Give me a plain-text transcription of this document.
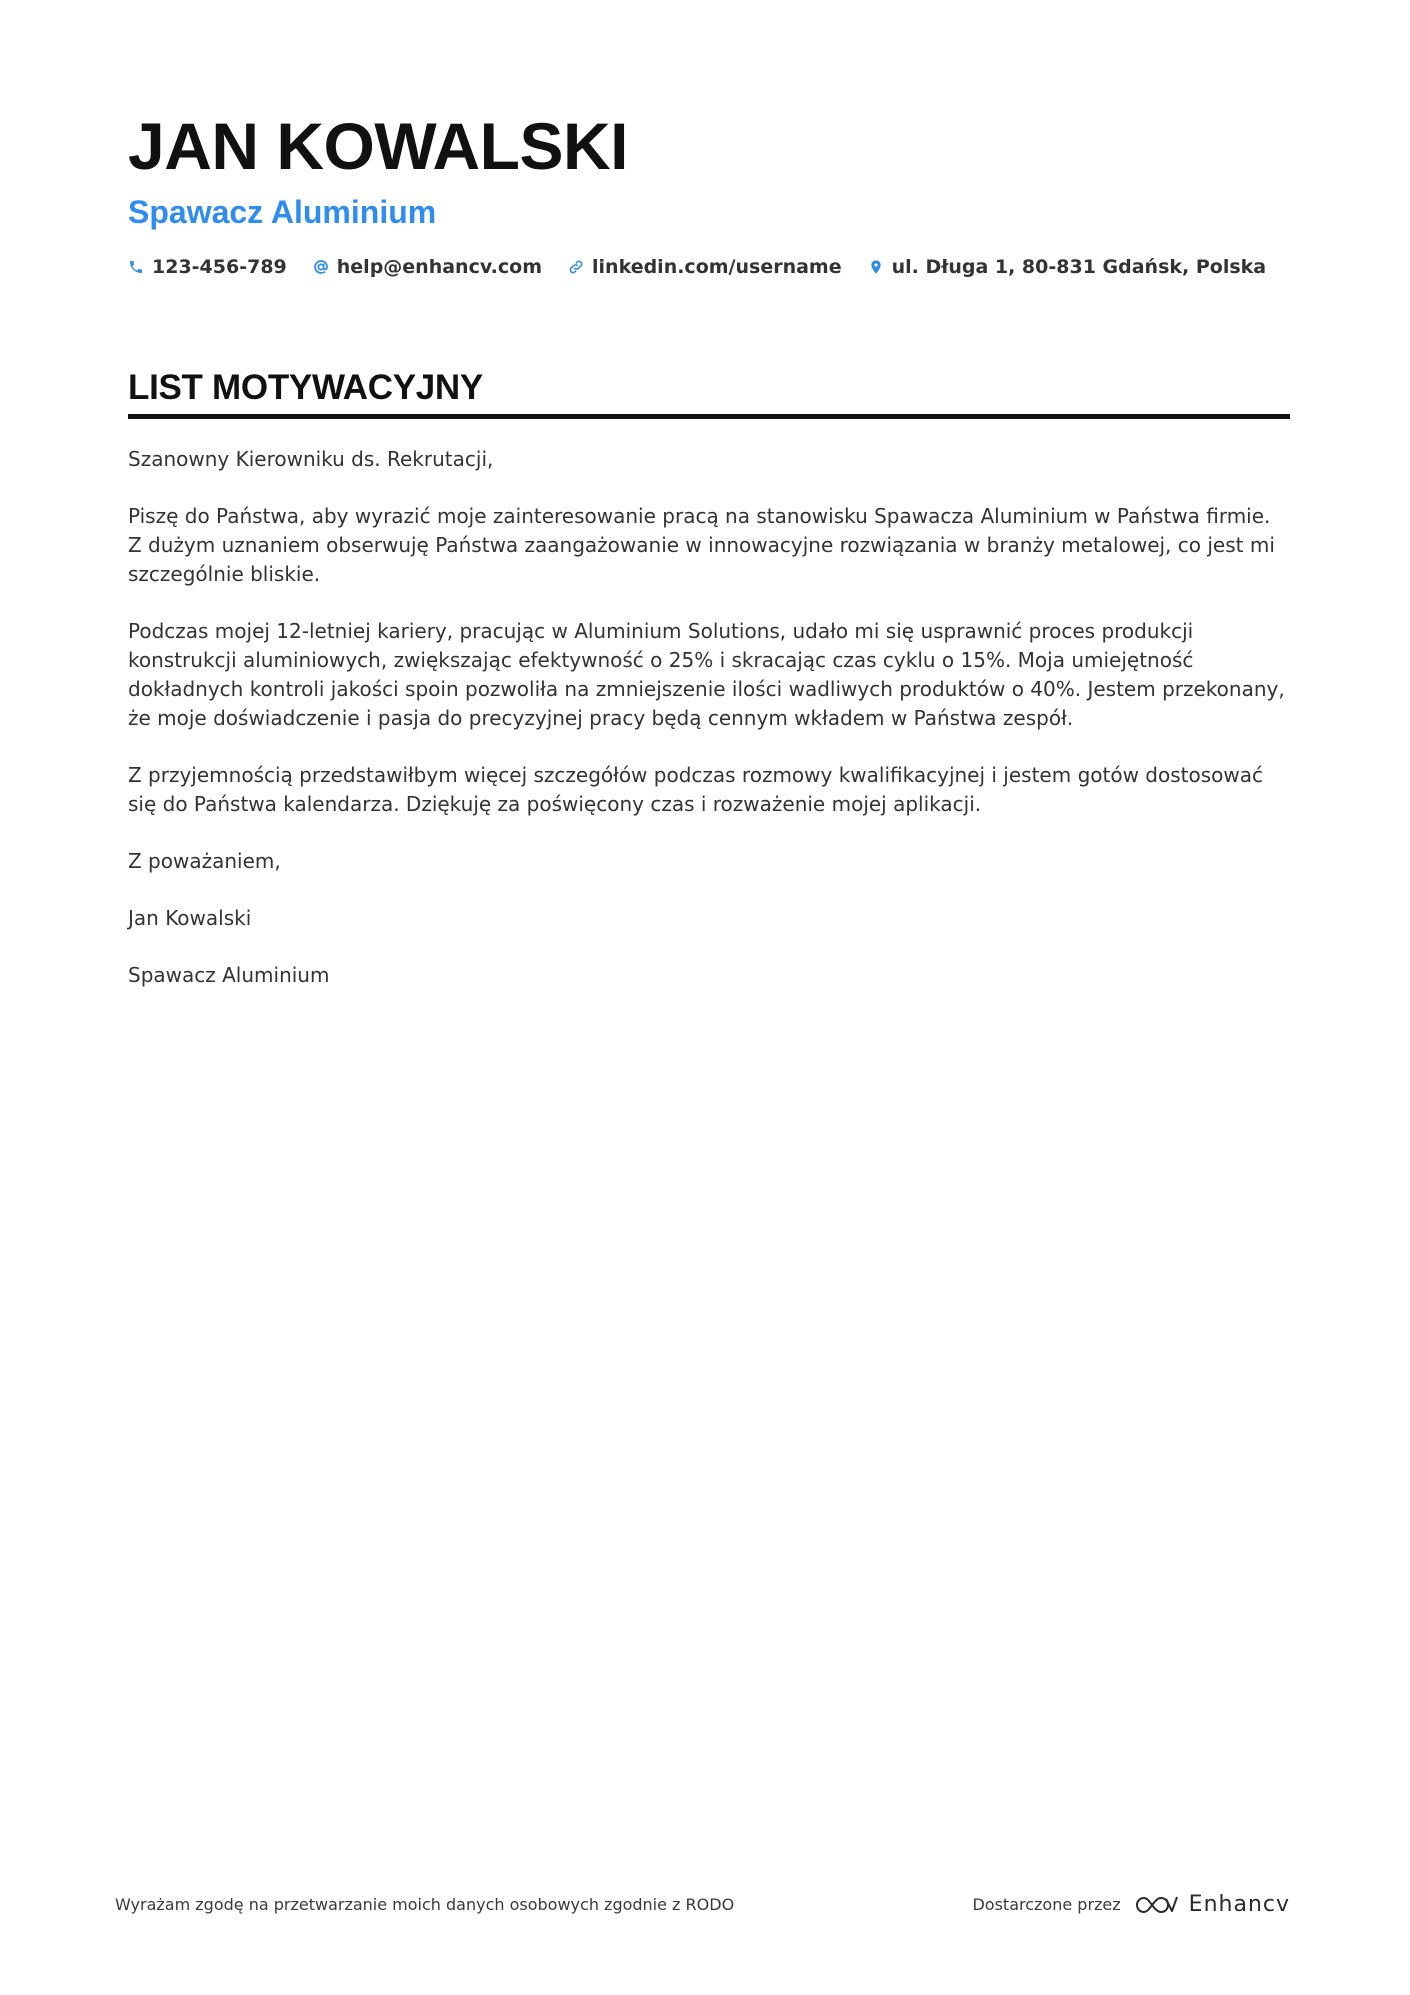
JAN KOWALSKI
Spawacz Aluminium
123-456-789	help@enhancv.com	linkedin.com/username	ul. Długa 1, 80-831 Gdańsk, Polska
LIST MOTYWACYJNY

Szanowny Kierowniku ds. Rekrutacji,

Piszę do Państwa, aby wyrazić moje zainteresowanie pracą na stanowisku Spawacza Aluminium w Państwa firmie. Z dużym uznaniem obserwuję Państwa zaangażowanie w innowacyjne rozwiązania w branży metalowej, co jest mi szczególnie bliskie.

Podczas mojej 12-letniej kariery, pracując w Aluminium Solutions, udało mi się usprawnić proces produkcji konstrukcji aluminiowych, zwiększając efektywność o 25% i skracając czas cyklu o 15%. Moja umiejętność dokładnych kontroli jakości spoin pozwoliła na zmniejszenie ilości wadliwych produktów o 40%. Jestem przekonany, że moje doświadczenie i pasja do precyzyjnej pracy będą cennym wkładem w Państwa zespół.

Z przyjemnością przedstawiłbym więcej szczegółów podczas rozmowy kwalifikacyjnej i jestem gotów dostosować się do Państwa kalendarza. Dziękuję za poświęcony czas i rozważenie mojej aplikacji.

Z poważaniem,

Jan Kowalski

Spawacz Aluminium

Wyrażam zgodę na przetwarzanie moich danych osobowych zgodnie z RODO	Dostarczone przez	Enhancv
